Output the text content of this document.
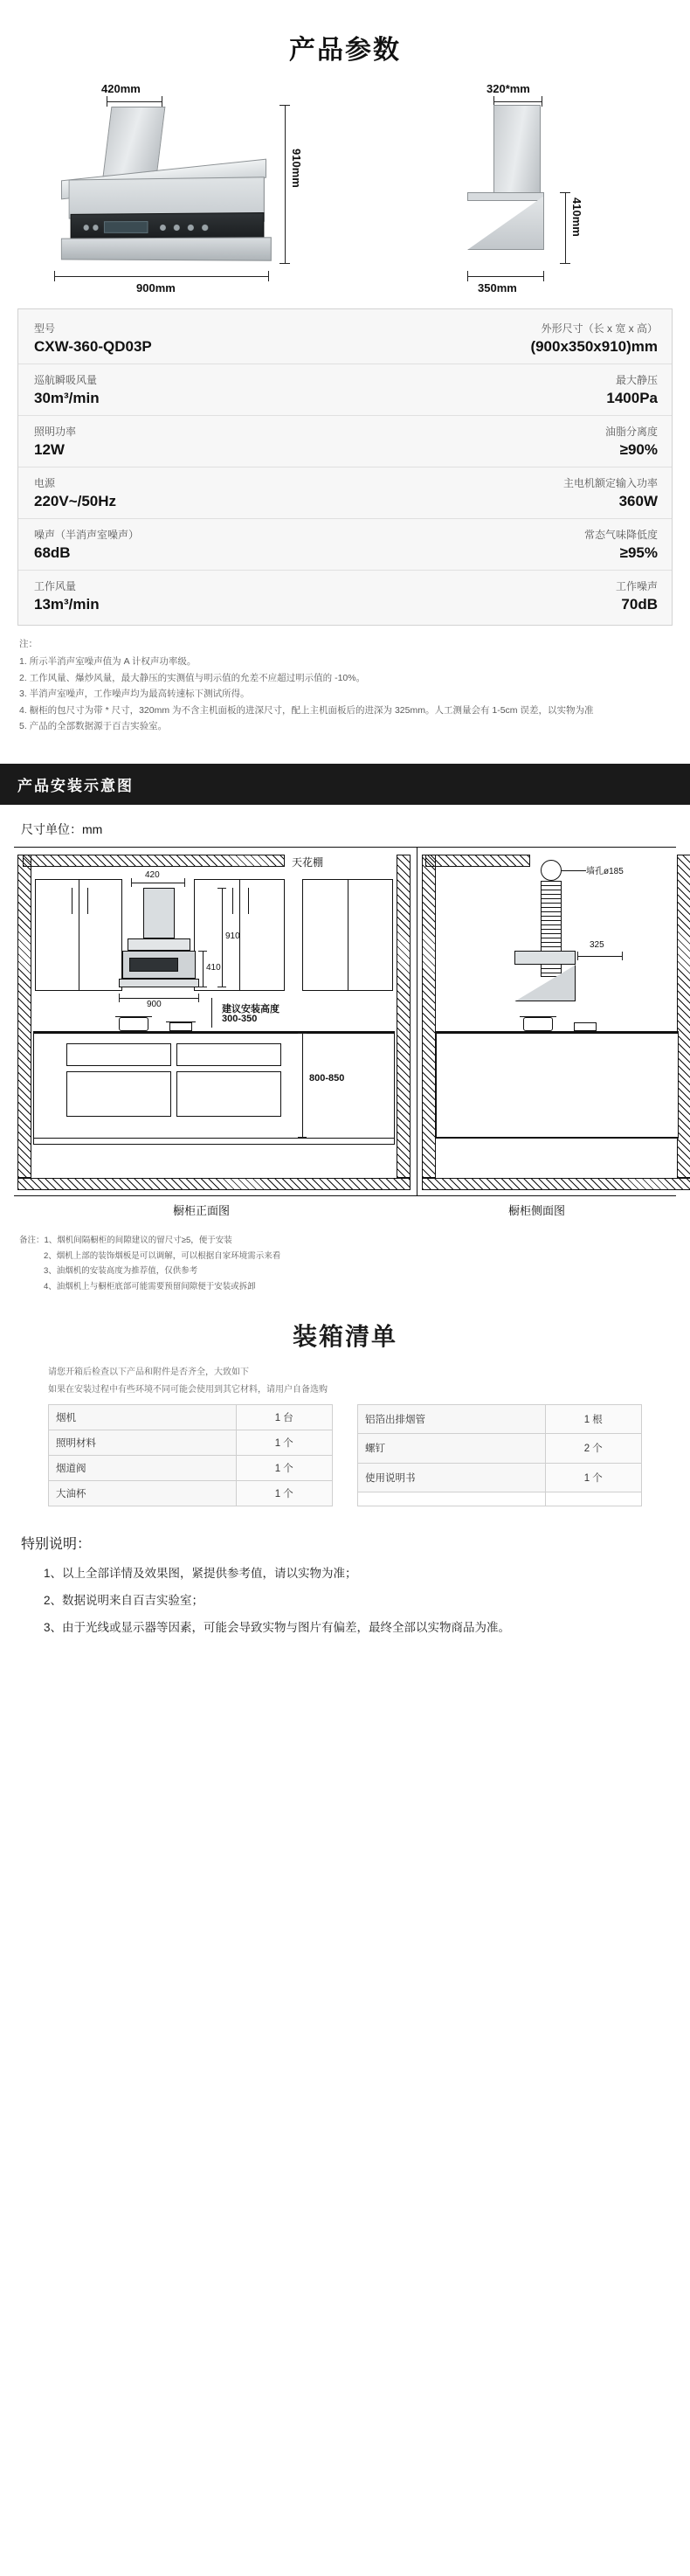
产品参数
420mm
910mm
900mm
320*mm
410mm
350mm
型号
CXW-360-QD03P

外形尺寸（长 x 宽 x 高）
(900x350x910)mm

巡航瞬吸风量
30m³/min

最大静压
1400Pa

照明功率
12W

油脂分离度
≥90%

电源
220V~/50Hz

主电机额定输入功率
360W

噪声（半消声室噪声）
68dB

常态气味降低度
≥95%

工作风量
13m³/min

工作噪声
70dB
注：
1. 所示半消声室噪声值为 A 计权声功率级。
2. 工作风量、爆炒风量，最大静压的实测值与明示值的允差不应超过明示值的 -10%。
3. 半消声室噪声，工作噪声均为最高转速标下测试所得。
4. 橱柜的包尺寸为带 * 尺寸，320mm 为不含主机面板的进深尺寸，配上主机面板后的进深为 325mm。人工测量会有 1-5cm 误差，以实物为准
5. 产品的全部数据源于百吉实验室。
产品安装示意图
尺寸单位：mm
天花棚
420
910
410
900	建议安装高度
300-350
800-850
墙孔ø185
325
橱柜正面图	橱柜侧面图
备注：1、烟机间隔橱柜的间隙建议的留尺寸≥5，便于安装
2、烟机上部的装饰烟板是可以调解，可以根据自家环境需示来看
3、油烟机的安装高度为推荐值，仅供参考
4、油烟机上与橱柜底部可能需要预留间隙便于安装或拆卸
装箱清单
请您开箱后检查以下产品和附件是否齐全，大致如下
如果在安装过程中有些环境不同可能会使用到其它材料，请用户自备选购
烟机	1 台
照明材料	1 个
烟道阀	1 个
大油杯	1 个
铝箔出排烟管	1 根
螺钉	2 个
使用说明书	1 个

特别说明：
1、以上全部详情及效果图，紧提供参考值，请以实物为准；
2、数据说明来自百吉实验室；
3、由于光线或显示器等因素，可能会导致实物与图片有偏差，最终全部以实物商品为准。
